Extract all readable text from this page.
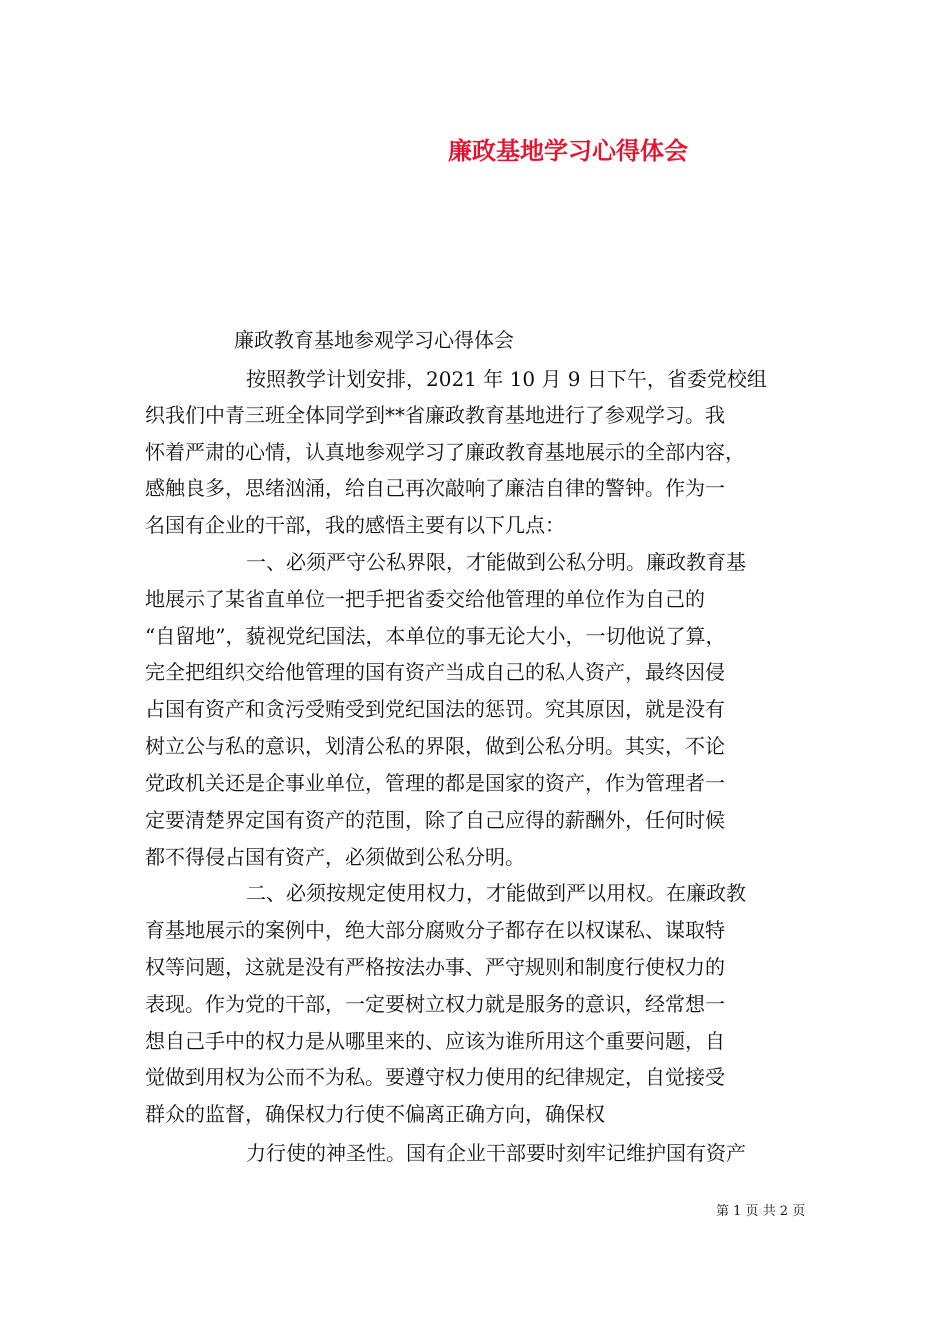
廉政基地学习心得体会
廉政教育基地参观学习心得体会
按照教学计划安排，2021 年 10 月 9 日下午，省委党校组
织我们中青三班全体同学到**省廉政教育基地进行了参观学习。我
怀着严肃的心情，认真地参观学习了廉政教育基地展示的全部内容，
感触良多，思绪汹涌，给自己再次敲响了廉洁自律的警钟。作为一
名国有企业的干部，我的感悟主要有以下几点：
一、必须严守公私界限，才能做到公私分明。廉政教育基
地展示了某省直单位一把手把省委交给他管理的单位作为自己的
“自留地”，藐视党纪国法，本单位的事无论大小，一切他说了算，
完全把组织交给他管理的国有资产当成自己的私人资产，最终因侵
占国有资产和贪污受贿受到党纪国法的惩罚。究其原因，就是没有
树立公与私的意识，划清公私的界限，做到公私分明。其实，不论
党政机关还是企事业单位，管理的都是国家的资产，作为管理者一
定要清楚界定国有资产的范围，除了自己应得的薪酬外，任何时候
都不得侵占国有资产，必须做到公私分明。
二、必须按规定使用权力，才能做到严以用权。在廉政教
育基地展示的案例中，绝大部分腐败分子都存在以权谋私、谋取特
权等问题，这就是没有严格按法办事、严守规则和制度行使权力的
表现。作为党的干部，一定要树立权力就是服务的意识，经常想一
想自己手中的权力是从哪里来的、应该为谁所用这个重要问题，自
觉做到用权为公而不为私。要遵守权力使用的纪律规定，自觉接受
群众的监督，确保权力行使不偏离正确方向，确保权
力行使的神圣性。国有企业干部要时刻牢记维护国有资产
第 1 页 共 2 页
